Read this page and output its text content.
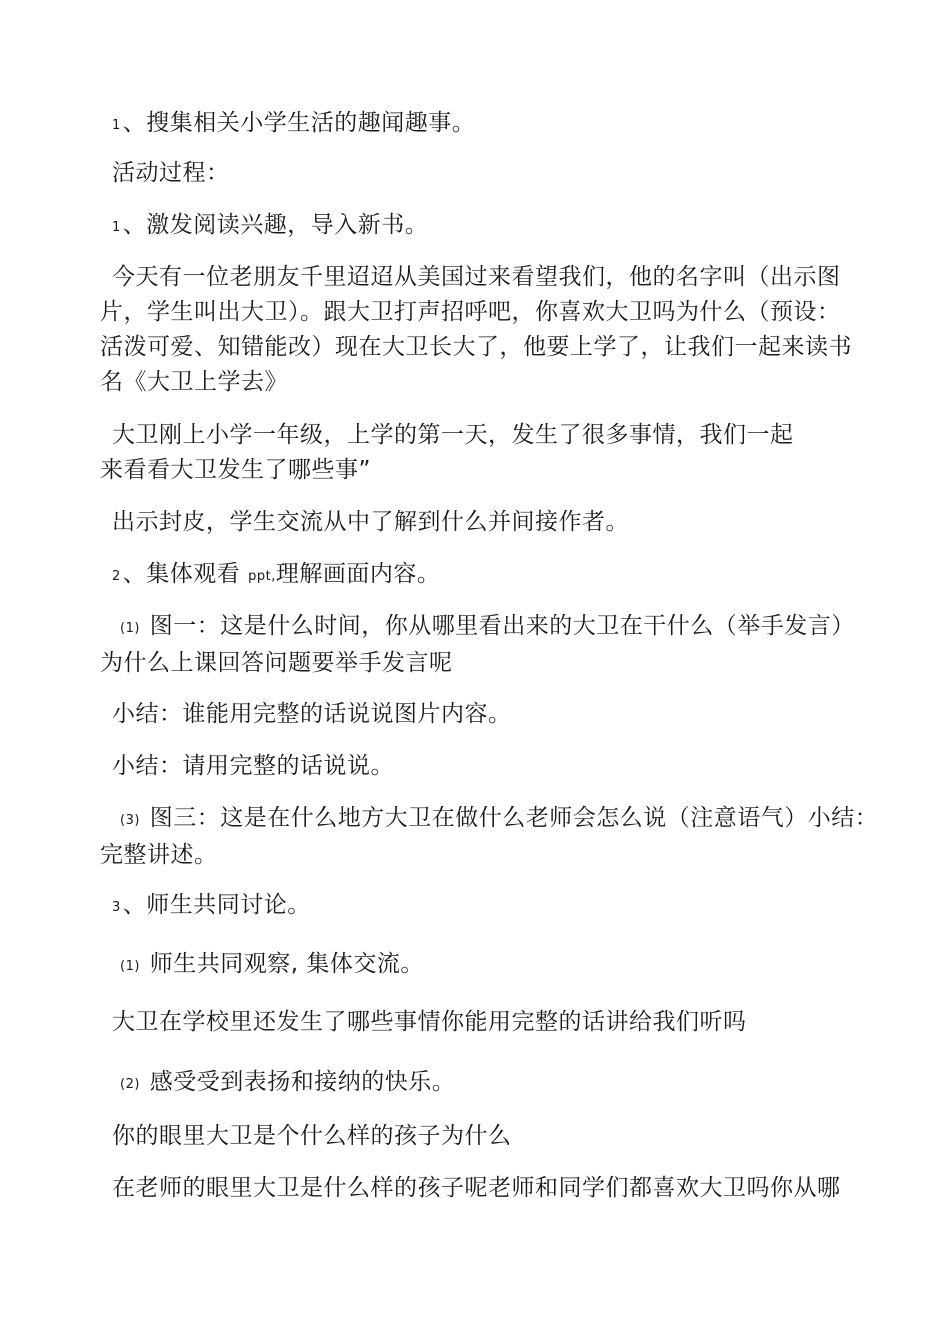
1、搜集相关小学生活的趣闻趣事。
活动过程：
1、激发阅读兴趣，导入新书。
今天有一位老朋友千里迢迢从美国过来看望我们，他的名字叫（出示图
片，学生叫出大卫）。跟大卫打声招呼吧，你喜欢大卫吗为什么（预设：
活泼可爱、知错能改）现在大卫长大了，他要上学了，让我们一起来读书
名《大卫上学去》
大卫刚上小学一年级，上学的第一天，发生了很多事情，我们一起
来看看大卫发生了哪些事”
出示封皮，学生交流从中了解到什么并间接作者。
2、集体观看 ppt,理解画面内容。
(1) 图一：这是什么时间，你从哪里看出来的大卫在干什么（举手发言）
为什么上课回答问题要举手发言呢
小结：谁能用完整的话说说图片内容。
小结：请用完整的话说说。
(3) 图三：这是在什么地方大卫在做什么老师会怎么说（注意语气）小结：
完整讲述。
3、师生共同讨论。
(1) 师生共同观察, 集体交流。
大卫在学校里还发生了哪些事情你能用完整的话讲给我们听吗
(2) 感受受到表扬和接纳的快乐。
你的眼里大卫是个什么样的孩子为什么
在老师的眼里大卫是什么样的孩子呢老师和同学们都喜欢大卫吗你从哪
